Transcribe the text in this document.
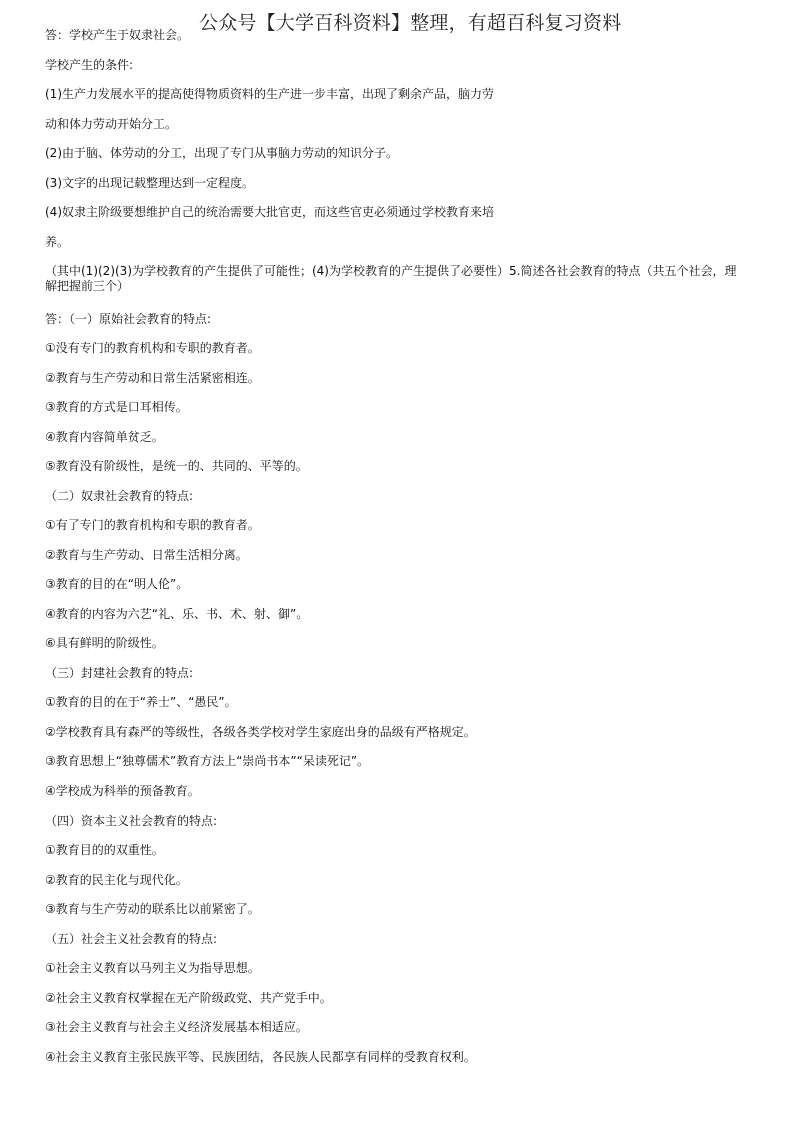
公众号【大学百科资料】整理，有超百科复习资料
答：学校产生于奴隶社会。
学校产生的条件:
(1)生产力发展水平的提高使得物质资料的生产进一步丰富，出现了剩余产品，脑力劳
动和体力劳动开始分工。
(2)由于脑、体劳动的分工，出现了专门从事脑力劳动的知识分子。
(3)文字的出现记载整理达到一定程度。
(4)奴隶主阶级要想维护自己的统治需要大批官吏，而这些官吏必须通过学校教育来培
养。
（其中(1)(2)(3)为学校教育的产生提供了可能性；(4)为学校教育的产生提供了必要性）5.简述各社会教育的特点（共五个社会，理解把握前三个）
答：（一）原始社会教育的特点:
①没有专门的教育机构和专职的教育者。
②教育与生产劳动和日常生活紧密相连。
③教育的方式是口耳相传。
④教育内容简单贫乏。
⑤教育没有阶级性，是统一的、共同的、平等的。
（二）奴隶社会教育的特点:
①有了专门的教育机构和专职的教育者。
②教育与生产劳动、日常生活相分离。
③教育的目的在“明人伦”。
④教育的内容为六艺“礼、乐、书、术、射、御”。
⑥具有鲜明的阶级性。
（三）封建社会教育的特点:
①教育的目的在于“养士”、“愚民”。
②学校教育具有森严的等级性，各级各类学校对学生家庭出身的品级有严格规定。
③教育思想上“独尊儒术”教育方法上“崇尚书本”“呆读死记”。
④学校成为科举的预备教育。
（四）资本主义社会教育的特点:
①教育目的的双重性。
②教育的民主化与现代化。
③教育与生产劳动的联系比以前紧密了。
（五）社会主义社会教育的特点:
①社会主义教育以马列主义为指导思想。
②社会主义教育权掌握在无产阶级政党、共产党手中。
③社会主义教育与社会主义经济发展基本相适应。
④社会主义教育主张民族平等、民族团结，各民族人民都享有同样的受教育权利。
